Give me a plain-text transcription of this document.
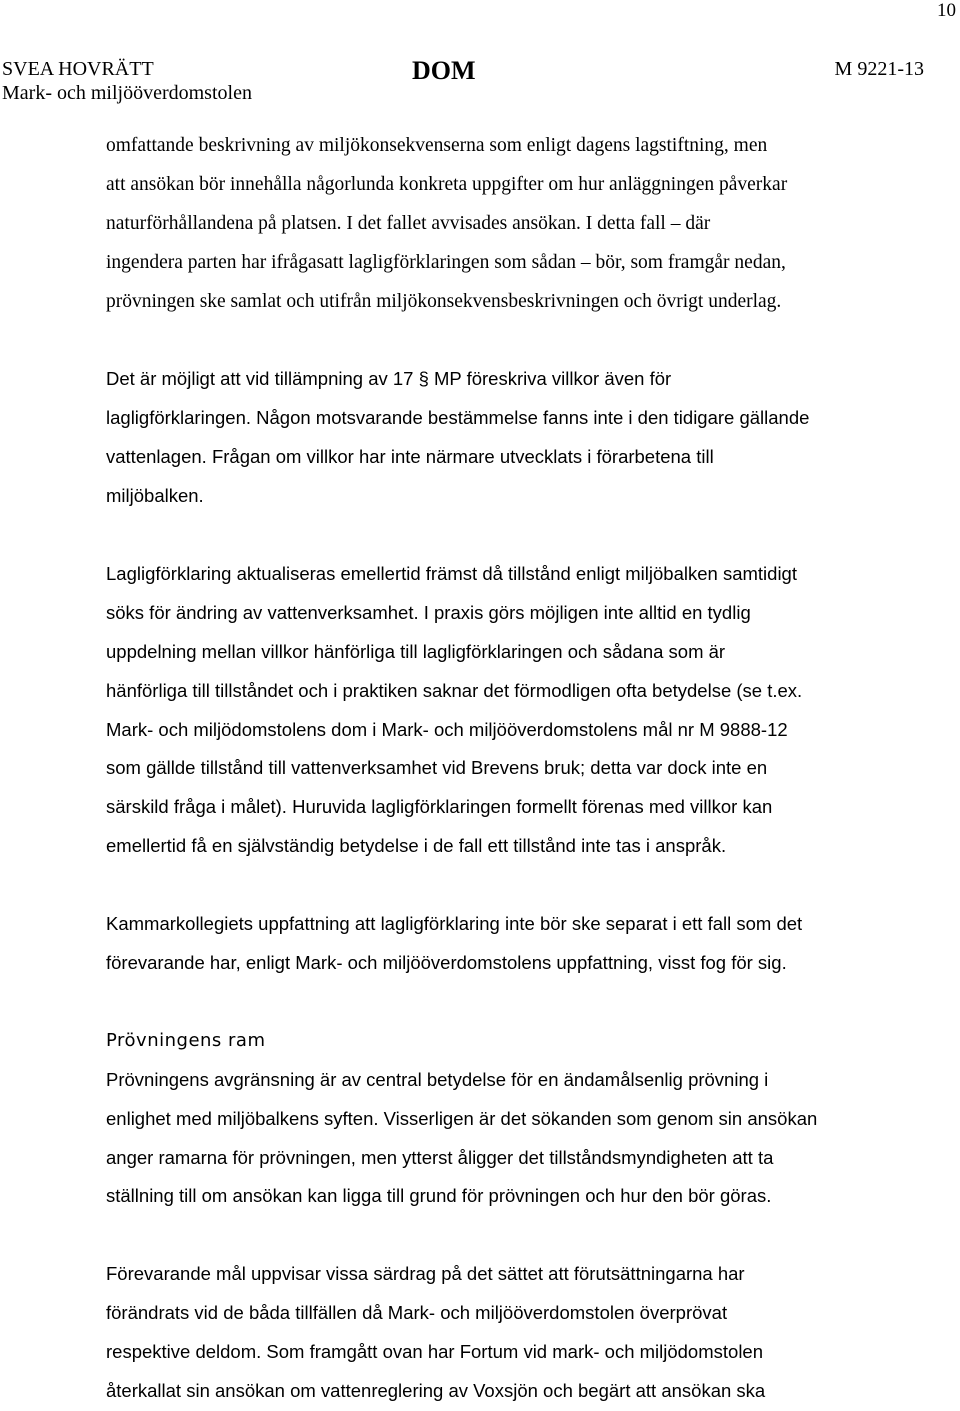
10
SVEA HOVRÄTT
Mark- och miljööverdomstolen
DOM	M 9221-13

omfattande beskrivning av miljökonsekvenserna som enligt dagens lagstiftning, men
att ansökan bör innehålla någorlunda konkreta uppgifter om hur anläggningen påverkar
naturförhållandena på platsen. I det fallet avvisades ansökan. I detta fall – där
ingendera parten har ifrågasatt lagligförklaringen som sådan – bör, som framgår nedan,
prövningen ske samlat och utifrån miljökonsekvensbeskrivningen och övrigt underlag.

Det är möjligt att vid tillämpning av 17 § MP föreskriva villkor även för
lagligförklaringen. Någon motsvarande bestämmelse fanns inte i den tidigare gällande
vattenlagen. Frågan om villkor har inte närmare utvecklats i förarbetena till
miljöbalken.

Lagligförklaring aktualiseras emellertid främst då tillstånd enligt miljöbalken samtidigt
söks för ändring av vattenverksamhet. I praxis görs möjligen inte alltid en tydlig
uppdelning mellan villkor hänförliga till lagligförklaringen och sådana som är
hänförliga till tillståndet och i praktiken saknar det förmodligen ofta betydelse (se t.ex.
Mark- och miljödomstolens dom i Mark- och miljööverdomstolens mål nr M 9888-12
som gällde tillstånd till vattenverksamhet vid Brevens bruk; detta var dock inte en
särskild fråga i målet). Huruvida lagligförklaringen formellt förenas med villkor kan
emellertid få en självständig betydelse i de fall ett tillstånd inte tas i anspråk.

Kammarkollegiets uppfattning att lagligförklaring inte bör ske separat i ett fall som det
förevarande har, enligt Mark- och miljööverdomstolens uppfattning, visst fog för sig.

Prövningens ram
Prövningens avgränsning är av central betydelse för en ändamålsenlig prövning i
enlighet med miljöbalkens syften. Visserligen är det sökanden som genom sin ansökan
anger ramarna för prövningen, men ytterst åligger det tillståndsmyndigheten att ta
ställning till om ansökan kan ligga till grund för prövningen och hur den bör göras.

Förevarande mål uppvisar vissa särdrag på det sättet att förutsättningarna har
förändrats vid de båda tillfällen då Mark- och miljööverdomstolen överprövat
respektive deldom. Som framgått ovan har Fortum vid mark- och miljödomstolen
återkallat sin ansökan om vattenreglering av Voxsjön och begärt att ansökan ska
